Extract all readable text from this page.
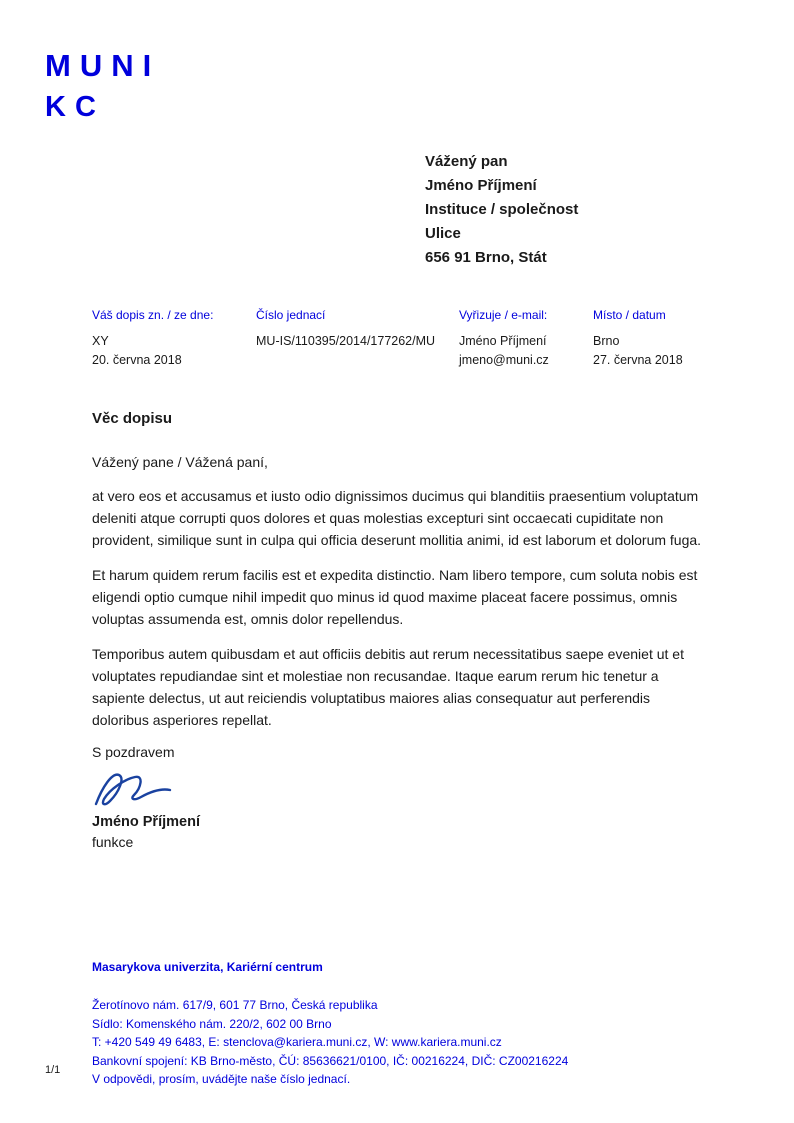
MUNI
KC
Vážený pan
Jméno Příjmení
Instituce / společnost
Ulice
656 91 Brno, Stát
Váš dopis zn. / ze dne:
XY
20. června 2018
Číslo jednací
MU-IS/110395/2014/177262/MU
Vyřizuje / e-mail:
Jméno Příjmení
jmeno@muni.cz
Místo / datum
Brno
27. června 2018
Věc dopisu
Vážený pane / Vážená paní,
at vero eos et accusamus et iusto odio dignissimos ducimus qui blanditiis praesentium voluptatum deleniti atque corrupti quos dolores et quas molestias excepturi sint occaecati cupiditate non provident, similique sunt in culpa qui officia deserunt mollitia animi, id est laborum et dolorum fuga.
Et harum quidem rerum facilis est et expedita distinctio. Nam libero tempore, cum soluta nobis est eligendi optio cumque nihil impedit quo minus id quod maxime placeat facere possimus, omnis voluptas assumenda est, omnis dolor repellendus.
Temporibus autem quibusdam et aut officiis debitis aut rerum necessitatibus saepe eveniet ut et voluptates repudiandae sint et molestiae non recusandae. Itaque earum rerum hic tenetur a sapiente delectus, ut aut reiciendis voluptatibus maiores alias consequatur aut perferendis doloribus asperiores repellat.
S pozdravem
Jméno Příjmení
funkce
Masarykova univerzita, Kariérní centrum
Žerotínovo nám. 617/9, 601 77 Brno, Česká republika
Sídlo: Komenského nám. 220/2, 602 00 Brno
T: +420 549 49 6483, E: stenclova@kariera.muni.cz, W: www.kariera.muni.cz
Bankovní spojení: KB Brno-město, ČÚ: 85636621/0100, IČ: 00216224, DIČ: CZ00216224
V odpovědi, prosím, uvádějte naše číslo jednací.
1/1
